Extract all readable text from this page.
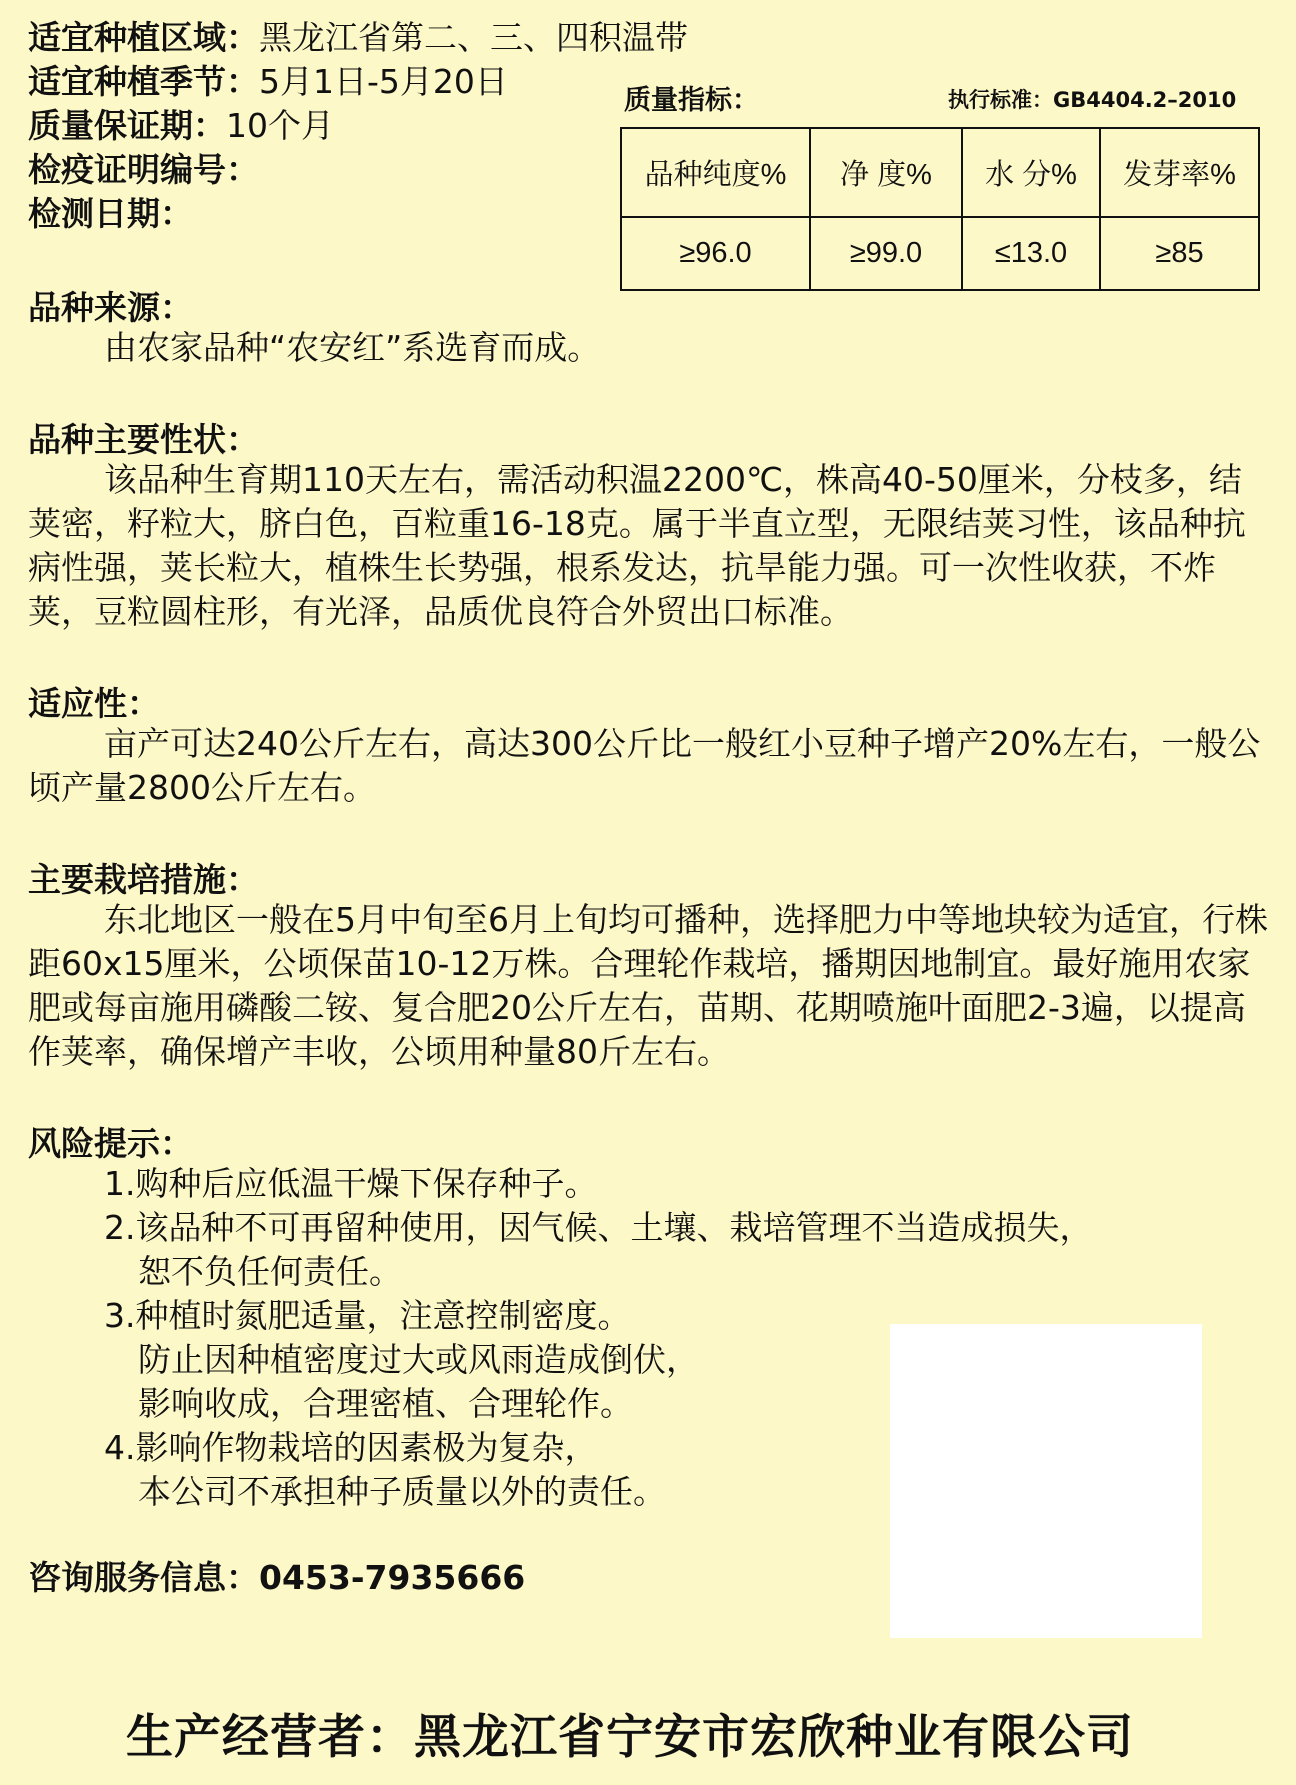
适宜种植区域：黑龙江省第二、三、四积温带
适宜种植季节：5月1日-5月20日
质量保证期：10个月
检疫证明编号：
检测日期：
质量指标：	执行标准：GB4404.2–2010
品种纯度%	净 度%	水 分%	发芽率%
≥96.0	≥99.0	≤13.0	≥85
品种来源：

由农家品种“农安红”系选育而成。

品种主要性状：

该品种生育期110天左右，需活动积温2200℃，株高40-50厘米，分枝多，结荚密，籽粒大，脐白色，百粒重16-18克。属于半直立型，无限结荚习性，该品种抗病性强，荚长粒大，植株生长势强，根系发达，抗旱能力强。可一次性收获，不炸荚，豆粒圆柱形，有光泽，品质优良符合外贸出口标准。

适应性：

亩产可达240公斤左右，高达300公斤比一般红小豆种子增产20%左右，一般公顷产量2800公斤左右。

主要栽培措施：

东北地区一般在5月中旬至6月上旬均可播种，选择肥力中等地块较为适宜，行株距60x15厘米，公顷保苗10-12万株。合理轮作栽培，播期因地制宜。最好施用农家肥或每亩施用磷酸二铵、复合肥20公斤左右，苗期、花期喷施叶面肥2-3遍，以提高作荚率，确保增产丰收，公顷用种量80斤左右。

风险提示：
1.购种后应低温干燥下保存种子。
2.该品种不可再留种使用，因气候、土壤、栽培管理不当造成损失，
恕不负任何责任。
3.种植时氮肥适量，注意控制密度。
防止因种植密度过大或风雨造成倒伏，
影响收成，合理密植、合理轮作。
4.影响作物栽培的因素极为复杂，
本公司不承担种子质量以外的责任。
咨询服务信息：0453-7935666
生产经营者：黑龙江省宁安市宏欣种业有限公司
